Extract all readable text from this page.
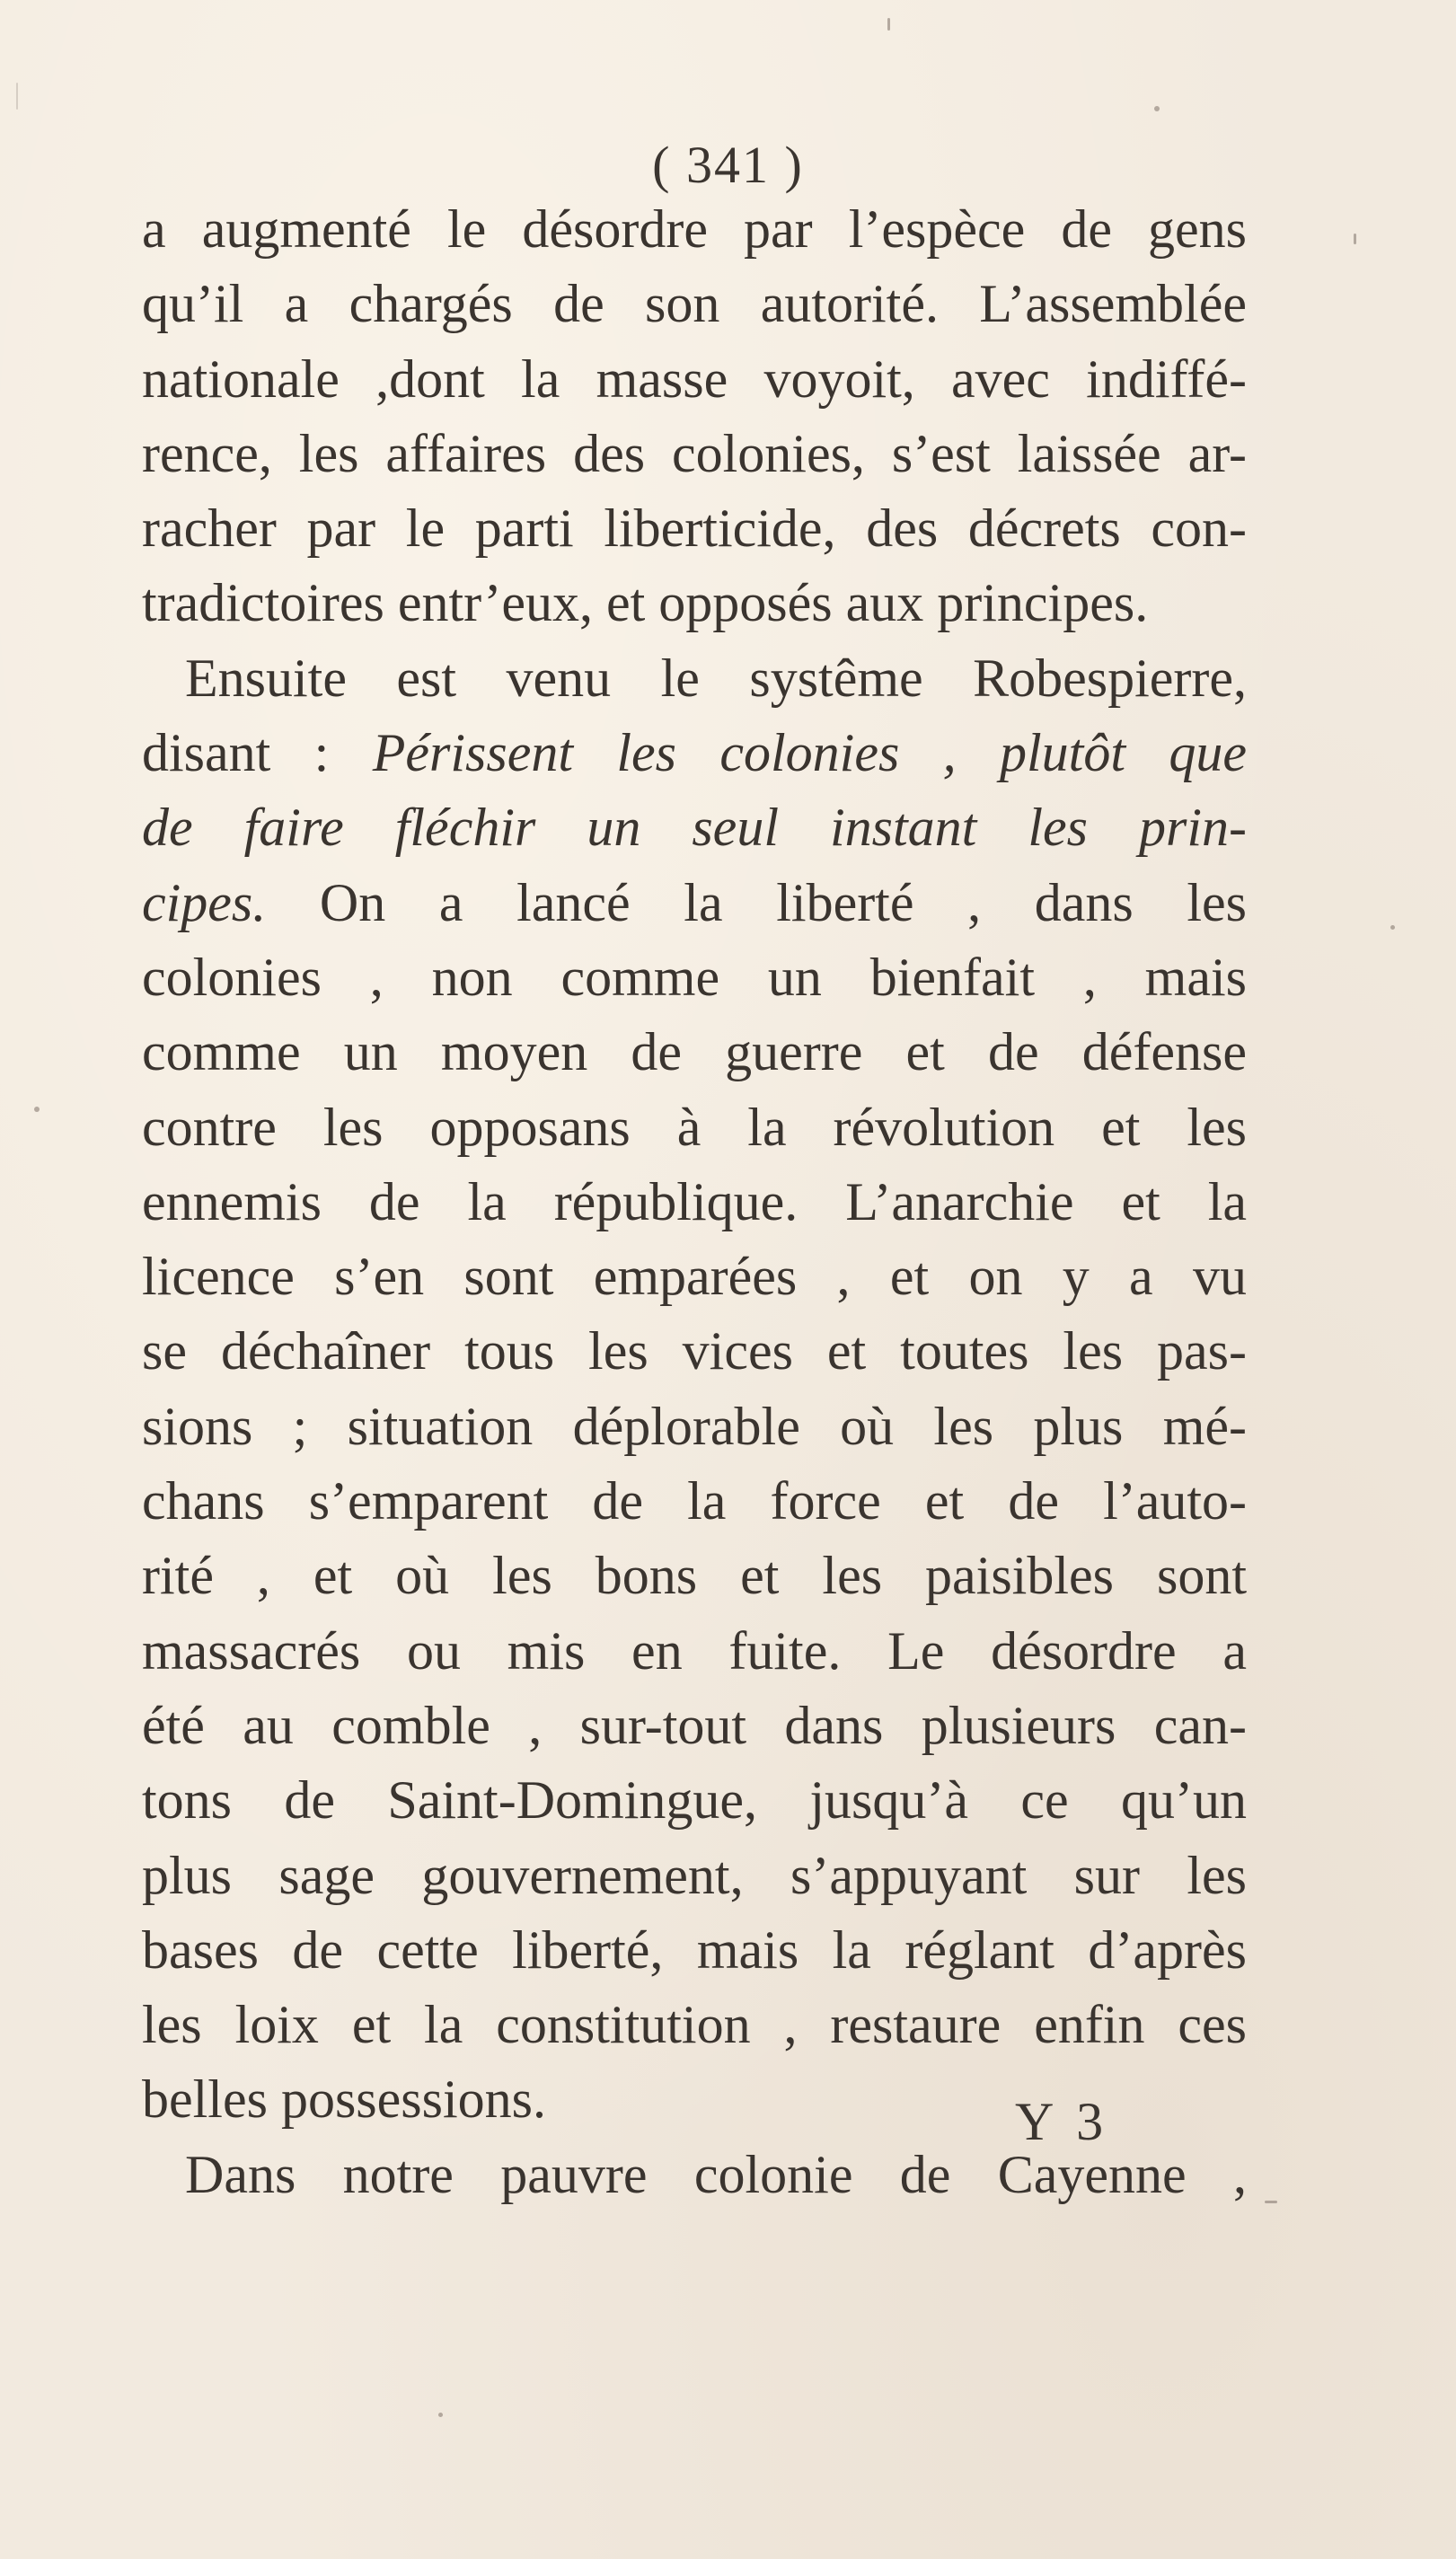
( 341 )
a augmenté le désordre par l’espèce de gens
qu’il a chargés de son autorité. L’assemblée
nationale ,dont la masse voyoit, avec indiffé-
rence, les affaires des colonies, s’est laissée ar-
racher par le parti liberticide, des décrets con-
tradictoires entr’eux, et opposés aux principes.
Ensuite est venu le systême Robespierre,
disant : Périssent les colonies , plutôt que
de faire fléchir un seul instant les prin-
cipes. On a lancé la liberté , dans les
colonies , non comme un bienfait , mais
comme un moyen de guerre et de défense
contre les opposans à la révolution et les
ennemis de la république. L’anarchie et la
licence s’en sont emparées , et on y a vu
se déchaîner tous les vices et toutes les pas-
sions ; situation déplorable où les plus mé-
chans s’emparent de la force et de l’auto-
rité , et où les bons et les paisibles sont
massacrés ou mis en fuite. Le désordre a
été au comble , sur-tout dans plusieurs can-
tons de Saint-Domingue, jusqu’à ce qu’un
plus sage gouvernement, s’appuyant sur les
bases de cette liberté, mais la réglant d’après
les loix et la constitution , restaure enfin ces
belles possessions.
Dans notre pauvre colonie de Cayenne ,
Y 3
